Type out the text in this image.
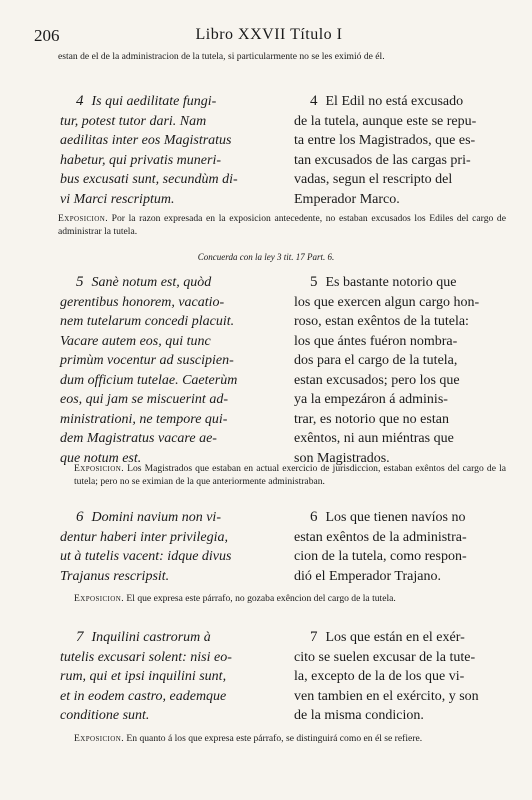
206	Libro XXVII Título I
estan de el de la administracion de la tutela, si particularmente no se les eximió de él.
4 Is qui aedilitate fungi-
tur, potest tutor dari. Nam
aedilitas inter eos Magistratus
habetur, qui privatis muneri-
bus excusati sunt, secundùm di-
vi Marci rescriptum.
4 El Edil no está excusado
de la tutela, aunque este se repu-
ta entre los Magistrados, que es-
tan excusados de las cargas pri-
vadas, segun el rescripto del
Emperador Marco.
Exposicion. Por la razon expresada en la exposicion antecedente, no estaban excusados los Ediles del cargo de administrar la tutela.
Concuerda con la ley 3 tit. 17 Part. 6.
5 Sanè notum est, quòd
gerentibus honorem, vacatio-
nem tutelarum concedi placuit.
Vacare autem eos, qui tunc
primùm vocentur ad suscipien-
dum officium tutelae. Caeterùm
eos, qui jam se miscuerint ad-
ministrationi, ne tempore qui-
dem Magistratus vacare ae-
que notum est.
5 Es bastante notorio que
los que exercen algun cargo hon-
roso, estan exêntos de la tutela:
los que ántes fuéron nombra-
dos para el cargo de la tutela,
estan excusados; pero los que
ya la empezáron á adminis-
trar, es notorio que no estan
exêntos, ni aun miéntras que
son Magistrados.
Exposicion. Los Magistrados que estaban en actual exercicio de jurisdiccion, estaban exêntos del cargo de la tutela; pero no se eximian de la que anteriormente administraban.
6 Domini navium non vi-
dentur haberi inter privilegia,
ut à tutelis vacent: idque divus
Trajanus rescripsit.
6 Los que tienen navíos no
estan exêntos de la administra-
cion de la tutela, como respon-
dió el Emperador Trajano.
Exposicion. El que expresa este párrafo, no gozaba exêncion del cargo de la tutela.
7 Inquilini castrorum à
tutelis excusari solent: nisi eo-
rum, qui et ipsi inquilini sunt,
et in eodem castro, eademque
conditione sunt.
7 Los que están en el exér-
cito se suelen excusar de la tute-
la, excepto de la de los que vi-
ven tambien en el exército, y son
de la misma condicion.
Exposicion. En quanto á los que expresa este párrafo, se distinguirá como en él se refiere.
